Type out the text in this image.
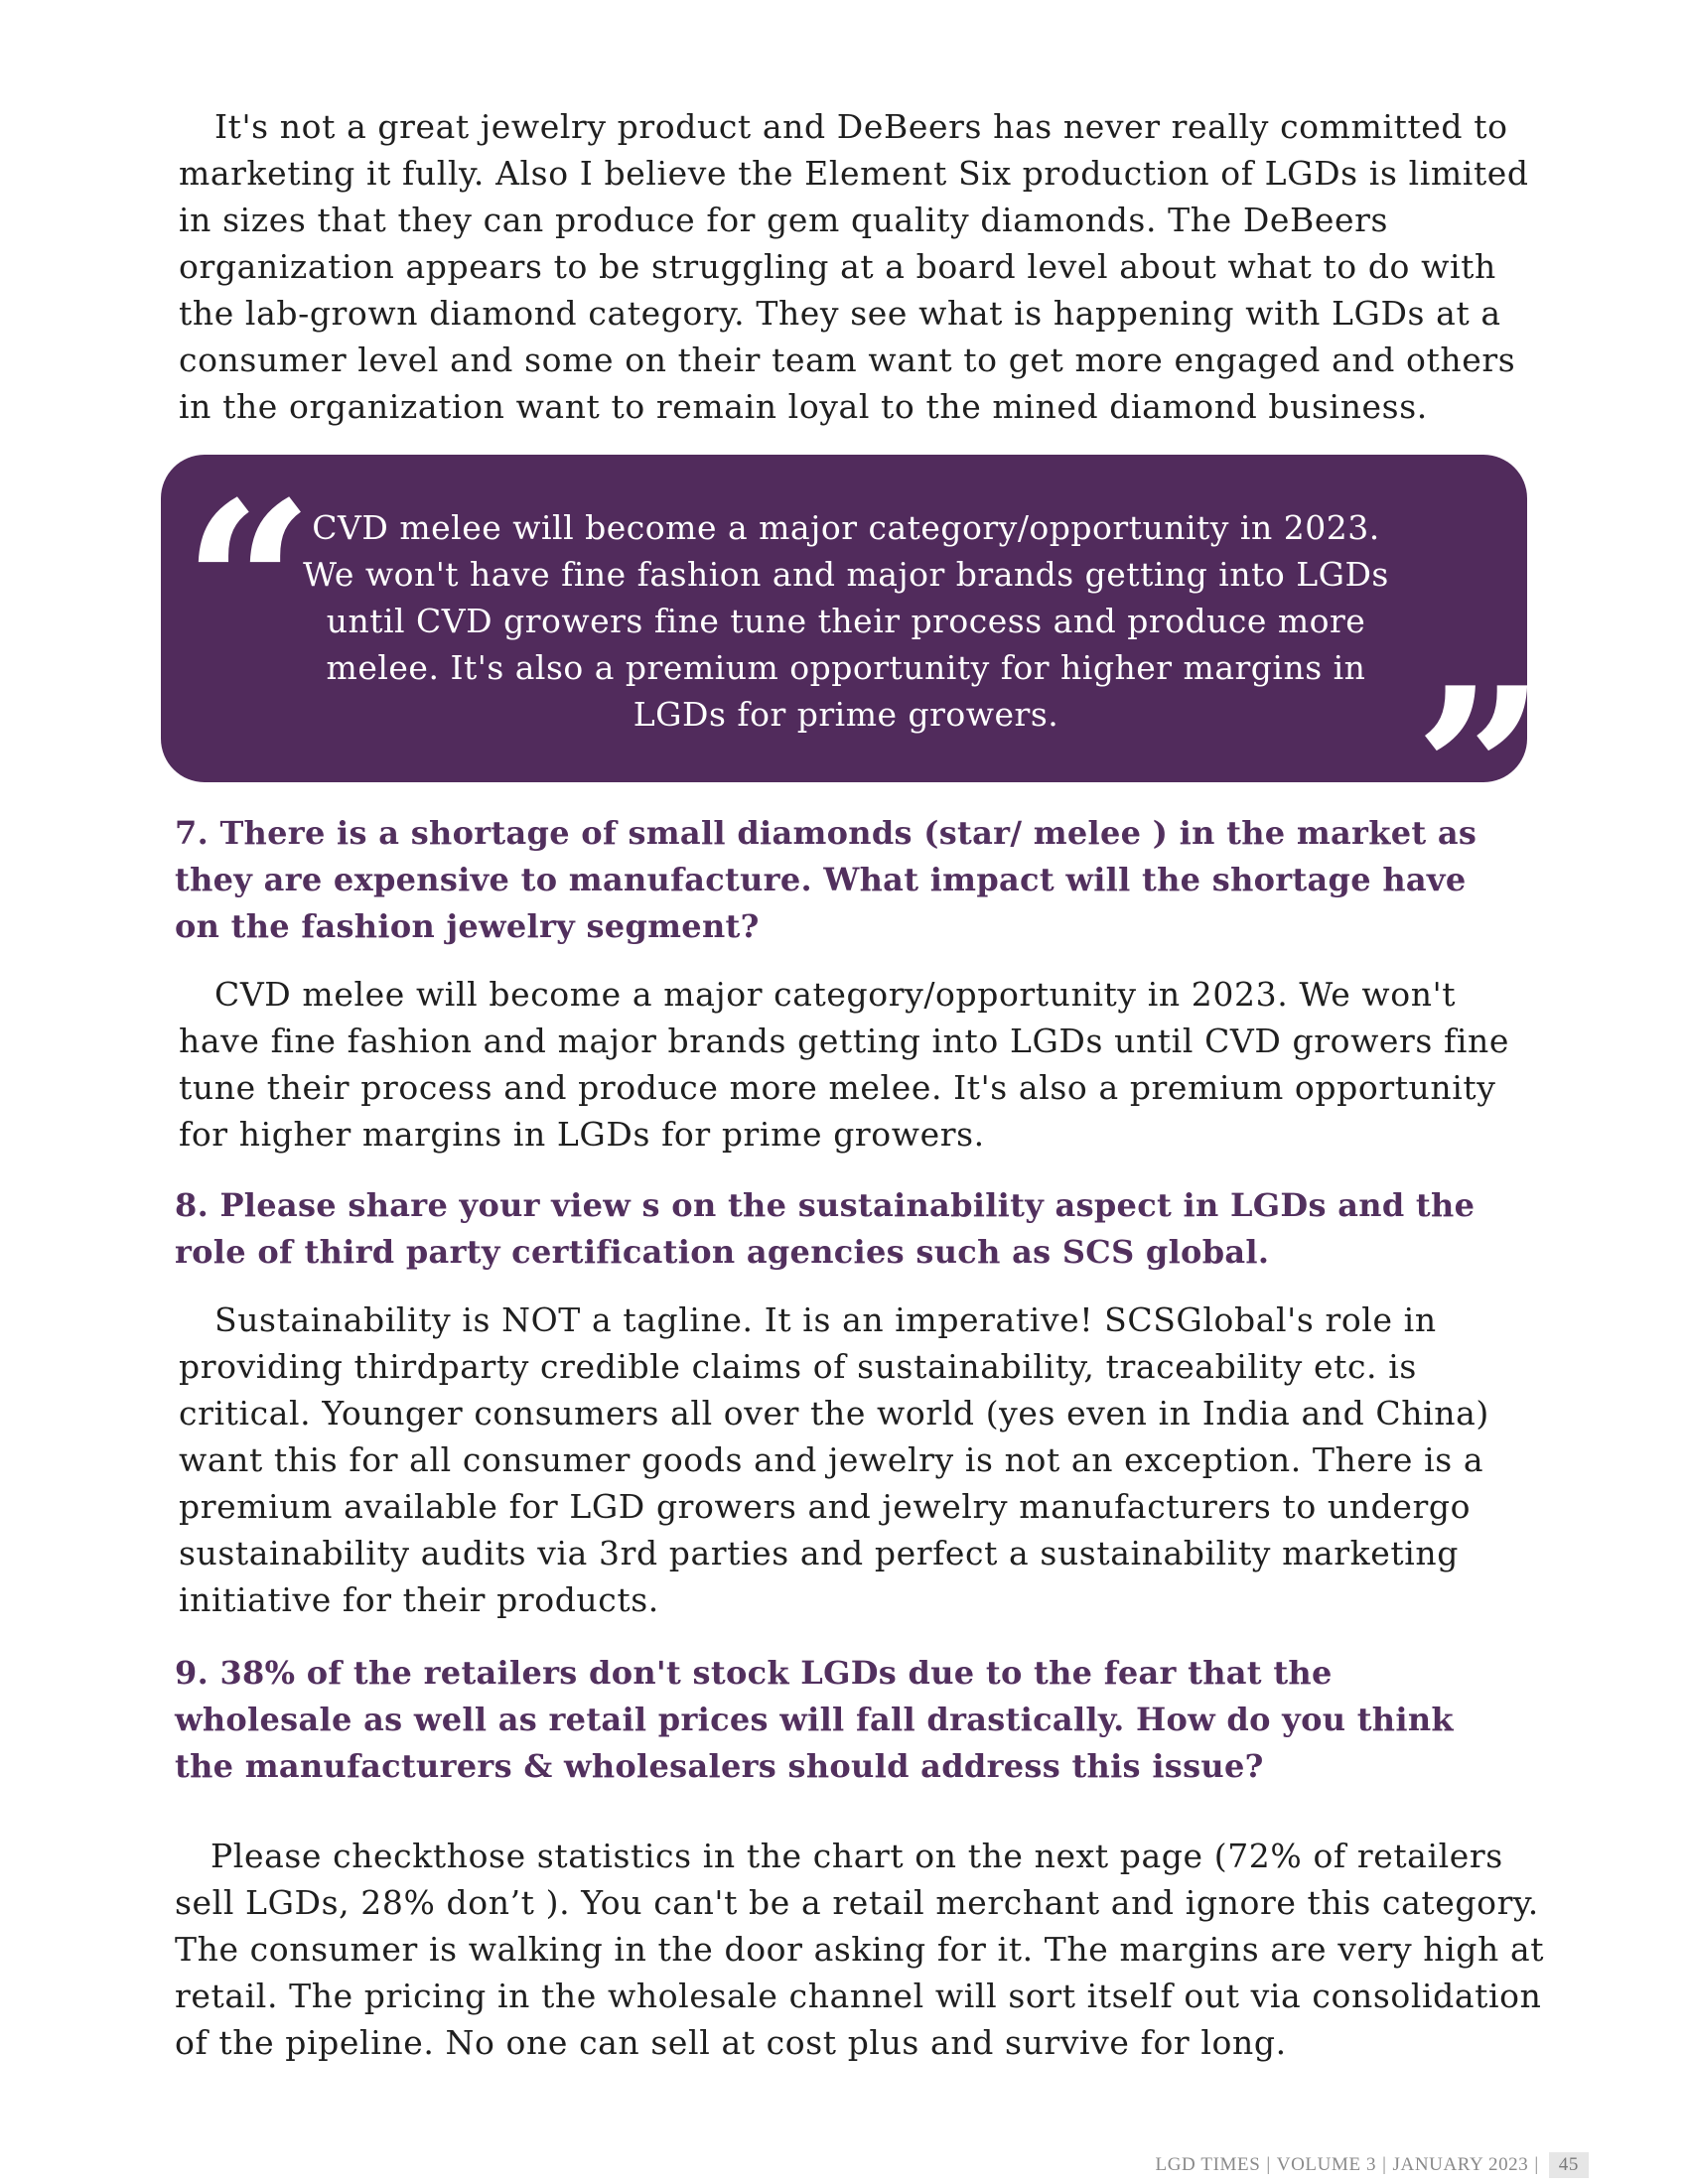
It's not a great jewelry product and DeBeers has never really committed to marketing it fully. Also I believe the Element Six production of LGDs is limited in sizes that they can produce for gem quality diamonds. The DeBeers organization appears to be struggling at a board level about what to do with the lab-grown diamond category. They see what is happening with LGDs at a consumer level and some on their team want to get more engaged and others in the organization want to remain loyal to the mined diamond business.

“

CVD melee will become a major category/opportunity in 2023. We won't have fine fashion and major brands getting into LGDs until CVD growers fine tune their process and produce more melee. It's also a premium opportunity for higher margins in LGDs for prime growers.	”

7. There is a shortage of small diamonds (star/ melee ) in the market as they are expensive to manufacture. What impact will the shortage have on the fashion jewelry segment?

CVD melee will become a major category/opportunity in 2023. We won't have fine fashion and major brands getting into LGDs until CVD growers fine tune their process and produce more melee. It's also a premium opportunity for higher margins in LGDs for prime growers.

8. Please share your view s on the sustainability aspect in LGDs and the role of third party certification agencies such as SCS global.

Sustainability is NOT a tagline. It is an imperative! SCSGlobal's role in providing thirdparty credible claims of sustainability, traceability etc. is critical. Younger consumers all over the world (yes even in India and China) want this for all consumer goods and jewelry is not an exception. There is a premium available for LGD growers and jewelry manufacturers to undergo sustainability audits via 3rd parties and perfect a sustainability marketing initiative for their products.

9. 38% of the retailers don't stock LGDs due to the fear that the wholesale as well as retail prices will fall drastically. How do you think the manufacturers & wholesalers should address this issue?

Please checkthose statistics in the chart on the next page (72% of retailers sell LGDs, 28% don’t ). You can't be a retail merchant and ignore this category. The consumer is walking in the door asking for it. The margins are very high at retail. The pricing in the wholesale channel will sort itself out via consolidation of the pipeline. No one can sell at cost plus and survive for long.

LGD TIMES | VOLUME 3 | JANUARY 2023 |	45
